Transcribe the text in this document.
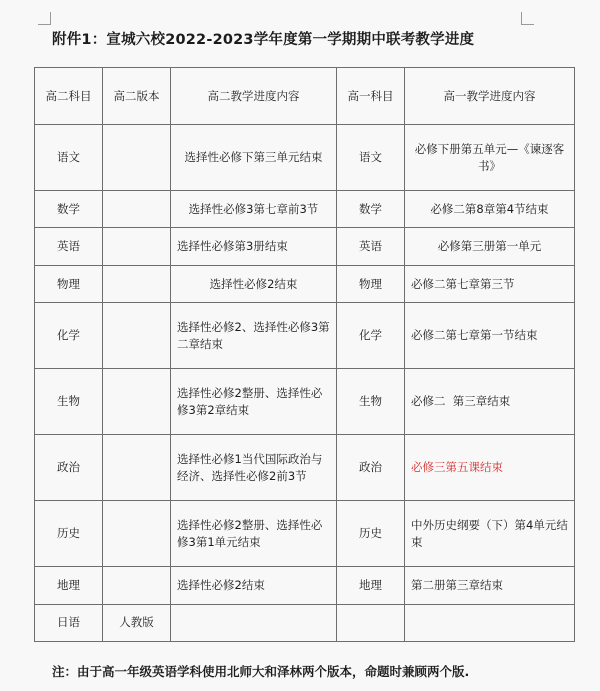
附件1：宣城六校2022-2023学年度第一学期期中联考教学进度
高二科目	高二版本	高二教学进度内容	高一科目	高一教学进度内容
语文		选择性必修下第三单元结束	语文	必修下册第五单元—《谏逐客书》
数学		选择性必修3第七章前3节	数学	必修二第8章第4节结束
英语		选择性必修第3册结束	英语	必修第三册第一单元
物理		选择性必修2结束	物理	必修二第七章第三节
化学		选择性必修2、选择性必修3第二章结束	化学	必修二第七章第一节结束
生物		选择性必修2整册、选择性必修3第2章结束	生物	必修二  第三章结束
政治		选择性必修1当代国际政治与经济、选择性必修2前3节	政治	必修三第五课结束
历史		选择性必修2整册、选择性必修3第1单元结束	历史	中外历史纲要（下）第4单元结束
地理		选择性必修2结束	地理	第二册第三章结束
日语	人教版			
注：由于高一年级英语学科使用北师大和泽林两个版本，命题时兼顾两个版.
